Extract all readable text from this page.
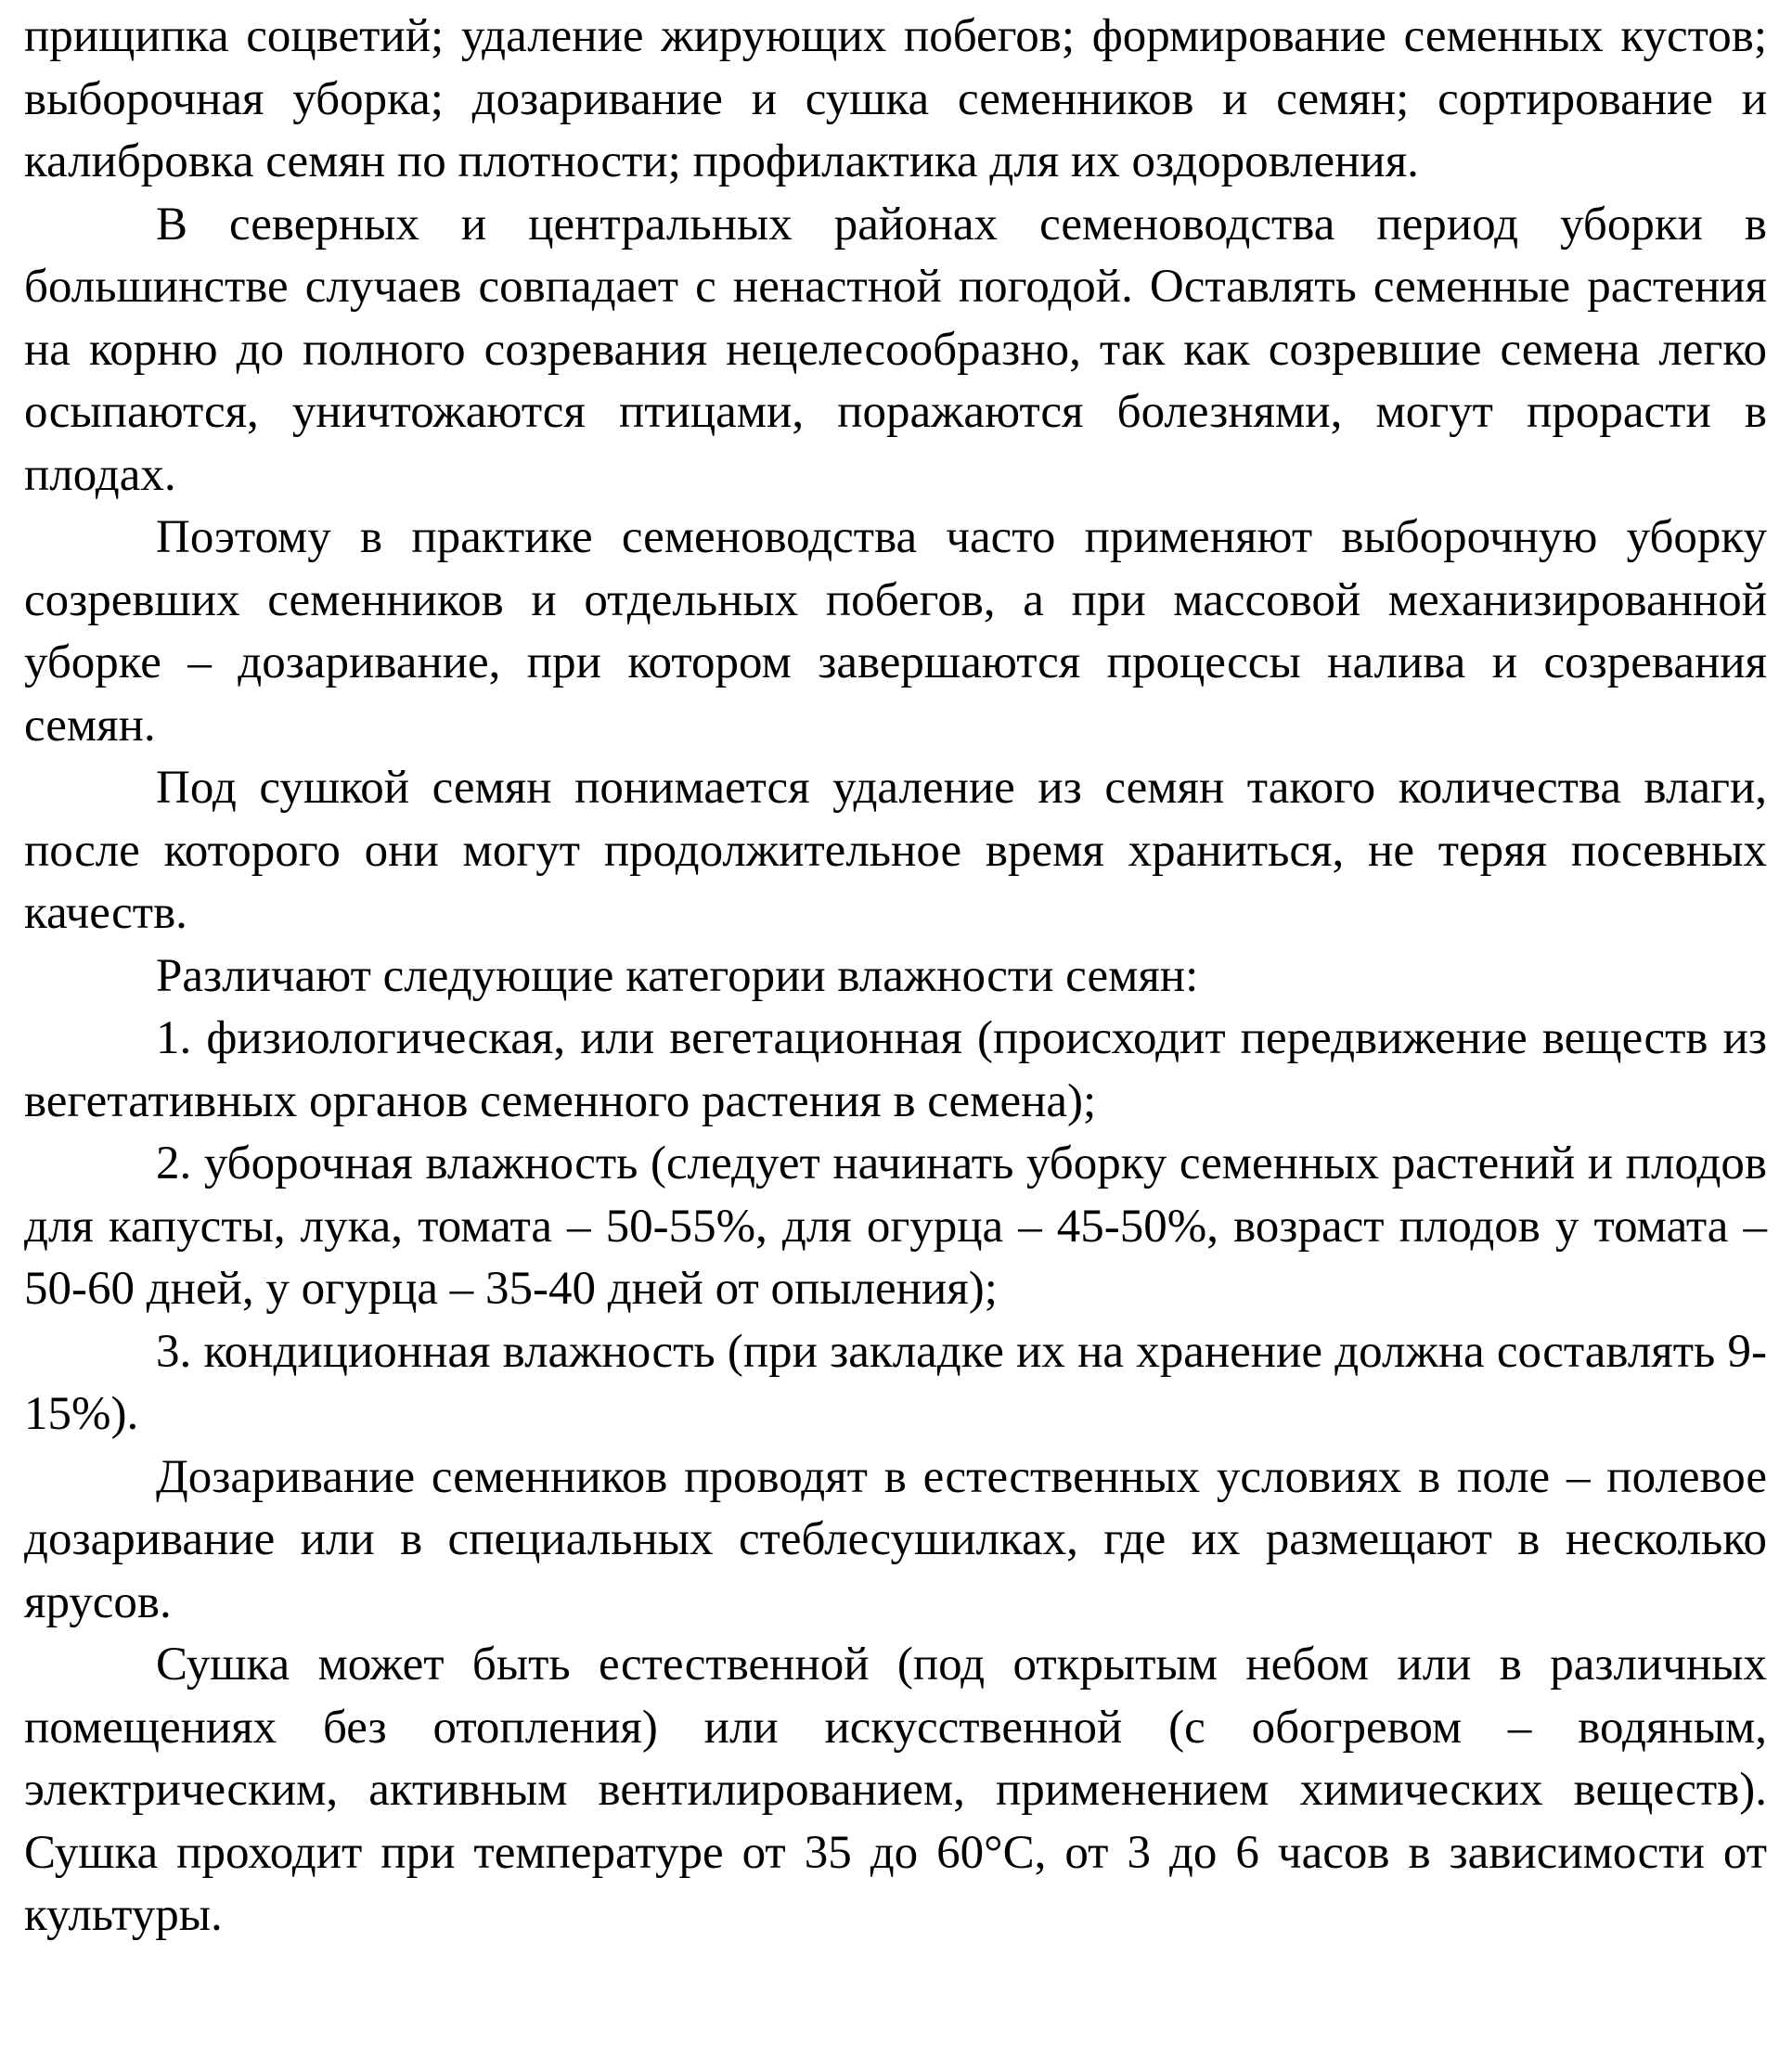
прищипка соцветий; удаление жирующих побегов; формирование семенных кустов; выборочная уборка; дозаривание и сушка семенников и семян; сортирование и калибровка семян по плотности; профилактика для их оздоровления.

В северных и центральных районах семеноводства период уборки в большинстве случаев совпадает с ненастной погодой. Оставлять семенные растения на корню до полного созревания нецелесообразно, так как созревшие семена легко осыпаются, уничтожаются птицами, поражаются болезнями, могут прорасти в плодах.

Поэтому в практике семеноводства часто применяют выборочную уборку созревших семенников и отдельных побегов, а при массовой механизированной уборке – дозаривание, при котором завершаются процессы налива и созревания семян.

Под сушкой семян понимается удаление из семян такого количества влаги, после которого они могут продолжительное время храниться, не теряя посевных качеств.

Различают следующие категории влажности семян:

1. физиологическая, или вегетационная (происходит передвижение веществ из вегетативных органов семенного растения в семена);

2. уборочная влажность (следует начинать уборку семенных растений и плодов для капусты, лука, томата – 50-55%, для огурца – 45-50%, возраст плодов у томата – 50-60 дней, у огурца – 35-40 дней от опыления);

3. кондиционная влажность (при закладке их на хранение должна составлять 9-15%).

Дозаривание семенников проводят в естественных условиях в поле – полевое дозаривание или в специальных стеблесушилках, где их размещают в несколько ярусов.

Сушка может быть естественной (под открытым небом или в различных помещениях без отопления) или искусственной (с обогревом – водяным, электрическим, активным вентилированием, применением химических веществ). Сушка проходит при температуре от 35 до 60°С, от 3 до 6 часов в зависимости от культуры.
